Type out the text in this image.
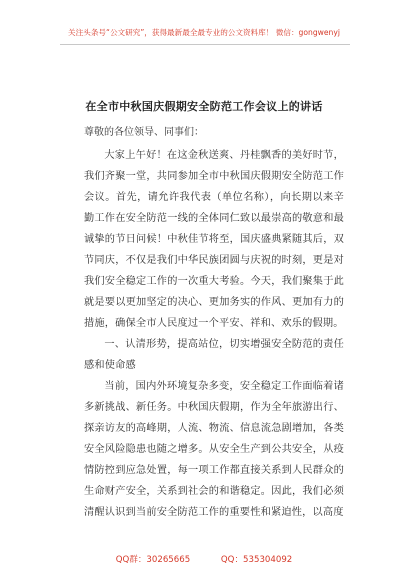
关注头条号“公文研究”，获得最新最全最专业的公文资料库！ 微信：gongwenyj
在全市中秋国庆假期安全防范工作会议上的讲话
尊敬的各位领导、同事们：

大家上午好！在这金秋送爽、丹桂飘香的美好时节，我们齐聚一堂，共同参加全市中秋国庆假期安全防范工作会议。首先，请允许我代表（单位名称），向长期以来辛勤工作在安全防范一线的全体同仁致以最崇高的敬意和最诚挚的节日问候！中秋佳节将至，国庆盛典紧随其后，双节同庆，不仅是我们中华民族团圆与庆祝的时刻，更是对我们安全稳定工作的一次重大考验。今天，我们聚集于此就是要以更加坚定的决心、更加务实的作风、更加有力的措施，确保全市人民度过一个平安、祥和、欢乐的假期。

一、认清形势，提高站位，切实增强安全防范的责任感和使命感

当前，国内外环境复杂多变，安全稳定工作面临着诸多新挑战、新任务。中秋国庆假期，作为全年旅游出行、探亲访友的高峰期，人流、物流、信息流急剧增加，各类安全风险隐患也随之增多。从安全生产到公共安全，从疫情防控到应急处置，每一项工作都直接关系到人民群众的生命财产安全，关系到社会的和谐稳定。因此，我们必须清醒认识到当前安全防范工作的重要性和紧迫性，以高度

QQ群：30265665	QQ：535304092
